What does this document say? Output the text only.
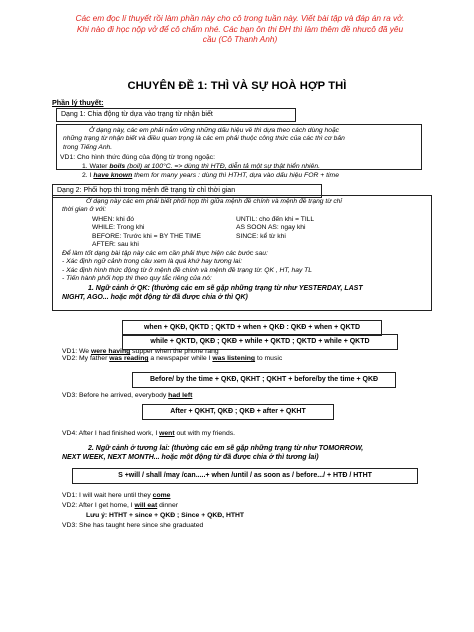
Các em đọc lí thuyết rồi làm phần này cho cô trong tuần này. Viết bài tập và đáp án ra vở.
Khi nào đi học nộp vở để cô chấm nhé. Các bạn ôn thi ĐH thì làm thêm đề nhưcô đã yêu
cầu (Cô Thanh Anh)
CHUYÊN ĐỀ 1: THÌ VÀ SỰ HOÀ HỢP THÌ
Phần lý thuyết:
Dạng 1: Chia động từ dựa vào trạng từ nhận biết
Ở dạng này, các em phải nắm vững những dấu hiệu về thì dựa theo cách dùng hoặc
những trạng từ nhận biết và điều quan trọng là các em phải thuộc công thức của các thì cơ bản
trong Tiếng Anh.
VD1: Cho hình thức đúng của động từ trong ngoặc:
1. Water boils (boil) at 100°C. => dùng thì HTĐ, diễn tả một sự thật hiển nhiên.
2. I have known them for many years : dùng thì HTHT, dựa vào dấu hiệu FOR + time
Dạng 2: Phối hợp thì trong mệnh đề trạng từ chỉ thời gian
Ở dạng này các em phải biết phối hợp thì giữa mệnh đề chính và mệnh đề trạng từ chỉ
thời gian ở với:
WHEN: khi đó	UNTIL: cho đến khi = TILL
WHILE: Trong khi	AS SOON AS: ngay khi
BEFORE: Trước khi = BY THE TIME	SINCE: kể từ khi
AFTER: sau khi
Để làm tốt dạng bài tập này các em cần phải thực hiện các bước sau:
- Xác định ngữ cảnh trong câu xem là quá khứ hay tương lai:
- Xác định hình thức động từ ở mệnh đề chính và mệnh đề trạng từ: QK , HT, hay TL
- Tiến hành phối hợp thì theo quy tắc riêng của nó:
1. Ngữ cảnh ở QK: (thường các em sẽ gặp những trạng từ như YESTERDAY, LAST
NIGHT, AGO... hoặc một động từ đã được chia ở thì QK)
when + QKĐ, QKTD ; QKTD + when + QKĐ : QKĐ + when + QKTD
VD1: We were having supper when the phone rang
while + QKTD, QKĐ ; QKĐ + while + QKTD ; QKTD + while + QKTD
VD2: My father was reading a newspaper while I was listening to music
Before/ by the time + QKĐ, QKHT ; QKHT + before/by the time + QKĐ
VD3: Before he arrived, everybody had left
After + QKHT, QKĐ ; QKĐ + after + QKHT
VD4: After I had finished work, I went out with my friends.
2. Ngữ cảnh ở tương lai: (thường các em sẽ gặp những trạng từ như TOMORROW,
NEXT WEEK, NEXT MONTH... hoặc một động từ đã được chia ở thì tương lai)
S +will / shall /may /can.....+ when /until / as soon as / before.../ + HTĐ / HTHT
VD1: I will wait here until they come
VD2: After I get home, I will eat dinner
Lưu ý: HTHT + since + QKĐ ; Since + QKĐ, HTHT
VD3: She has taught here since she graduated
